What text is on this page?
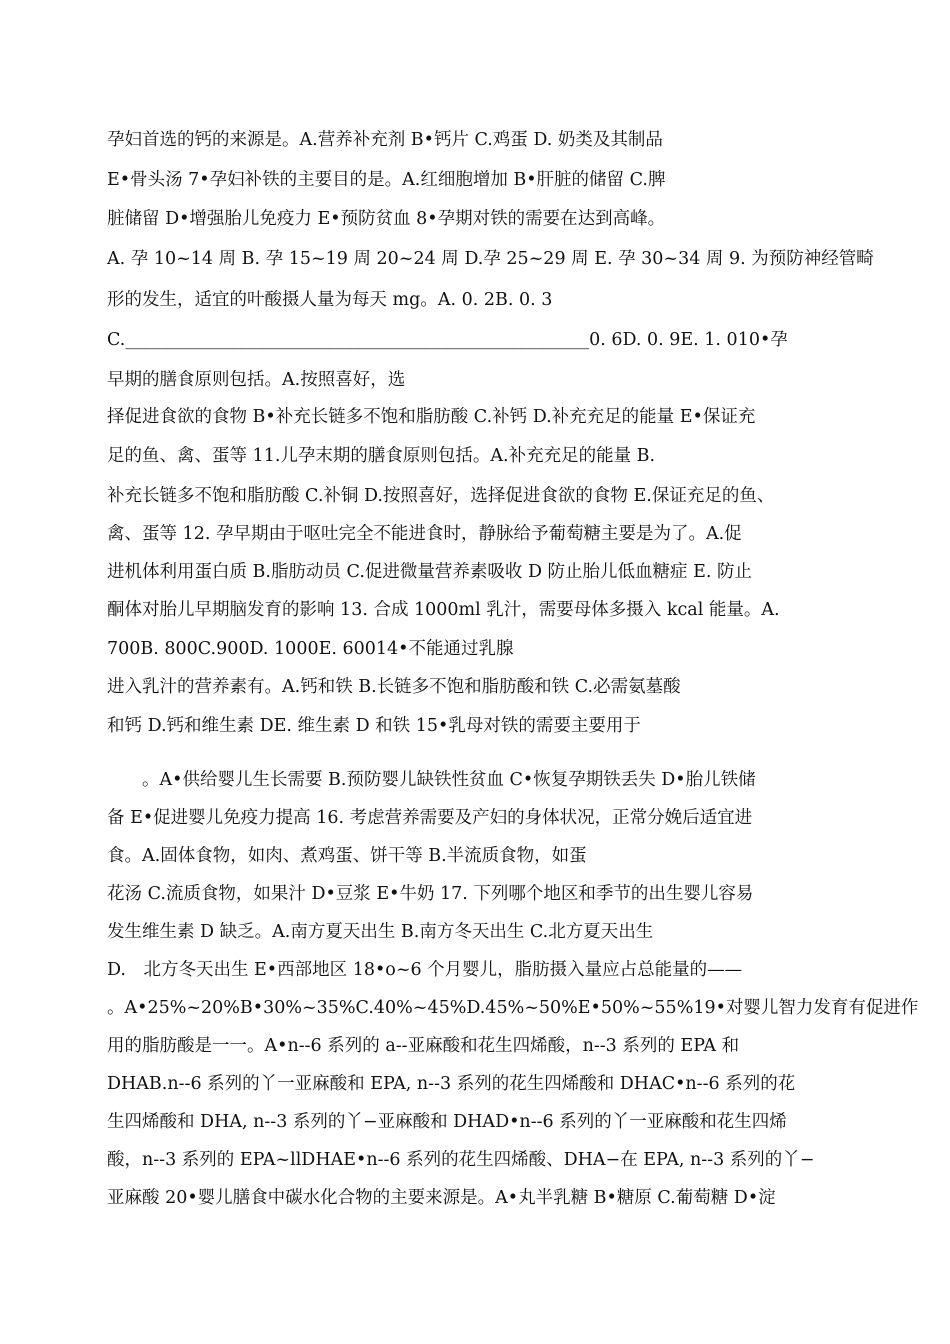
孕妇首选的钙的来源是。A.营养补充剂 B•钙片 C.鸡蛋 D. 奶类及其制品
E•骨头汤 7•孕妇补铁的主要目的是。A.红细胞增加 B•肝脏的储留 C.脾
脏储留 D•增强胎儿免疫力 E•预防贫血 8•孕期对铁的需要在达到高峰。
A. 孕 10~14 周 B. 孕 15~19 周 20~24 周 D.孕 25~29 周 E. 孕 30~34 周 9. 为预防神经管畸
形的发生，适宜的叶酸摄人量为每天 mg。A. 0. 2B. 0. 3
C._____________________________________________________0. 6D. 0. 9E. 1. 010•孕
早期的膳食原则包括。A.按照喜好，选
择促进食欲的食物 B•补充长链多不饱和脂肪酸 C.补钙 D.补充充足的能量 E•保证充
足的鱼、禽、蛋等 11.儿孕末期的膳食原则包括。A.补充充足的能量 B.
补充长链多不饱和脂肪酸 C.补铜 D.按照喜好，选择促进食欲的食物 E.保证充足的鱼、
禽、蛋等 12. 孕早期由于呕吐完全不能进食时，静脉给予葡萄糖主要是为了。A.促
进机体利用蛋白质 B.脂肪动员 C.促进微量营养素吸收 D 防止胎儿低血糖症 E. 防止
酮体对胎儿早期脑发育的影响 13. 合成 1000ml 乳汁，需要母体多摄入 kcal 能量。A.
700B. 800C.900D. 1000E. 60014•不能通过乳腺
进入乳汁的营养素有。A.钙和铁 B.长链多不饱和脂肪酸和铁 C.必需氨墓酸
和钙 D.钙和维生素 DE. 维生素 D 和铁 15•乳母对铁的需要主要用于
　　。A•供给婴儿生长需要 B.预防婴儿缺铁性贫血 C•恢复孕期铁丢失 D•胎儿铁储
备 E•促进婴儿免疫力提高 16. 考虑营养需要及产妇的身体状况，正常分娩后适宜进
食。A.固体食物，如肉、煮鸡蛋、饼干等 B.半流质食物，如蛋
花汤 C.流质食物，如果汁 D•豆浆 E•牛奶 17. 下列哪个地区和季节的出生婴儿容易
发生维生素 D 缺乏。A.南方夏天出生 B.南方冬天出生 C.北方夏天出生
D.　北方冬天出生 E•西部地区 18•o~6 个月婴儿，脂肪摄入量应占总能量的——
。A•25%~20%B•30%~35%C.40%~45%D.45%~50%E•50%~55%19•对婴儿智力发育有促进作
用的脂肪酸是一一。A•n--6 系列的 a--亚麻酸和花生四烯酸，n--3 系列的 EPA 和
DHAB.n--6 系列的丫一亚麻酸和 EPA, n--3 系列的花生四烯酸和 DHAC•n--6 系列的花
生四烯酸和 DHA, n--3 系列的丫−亚麻酸和 DHAD•n--6 系列的丫一亚麻酸和花生四烯
酸，n--3 系列的 EPA~llDHAE•n--6 系列的花生四烯酸、DHA−在 EPA, n--3 系列的丫−
亚麻酸 20•婴儿膳食中碳水化合物的主要来源是。A•丸半乳糖 B•糖原 C.葡萄糖 D•淀
